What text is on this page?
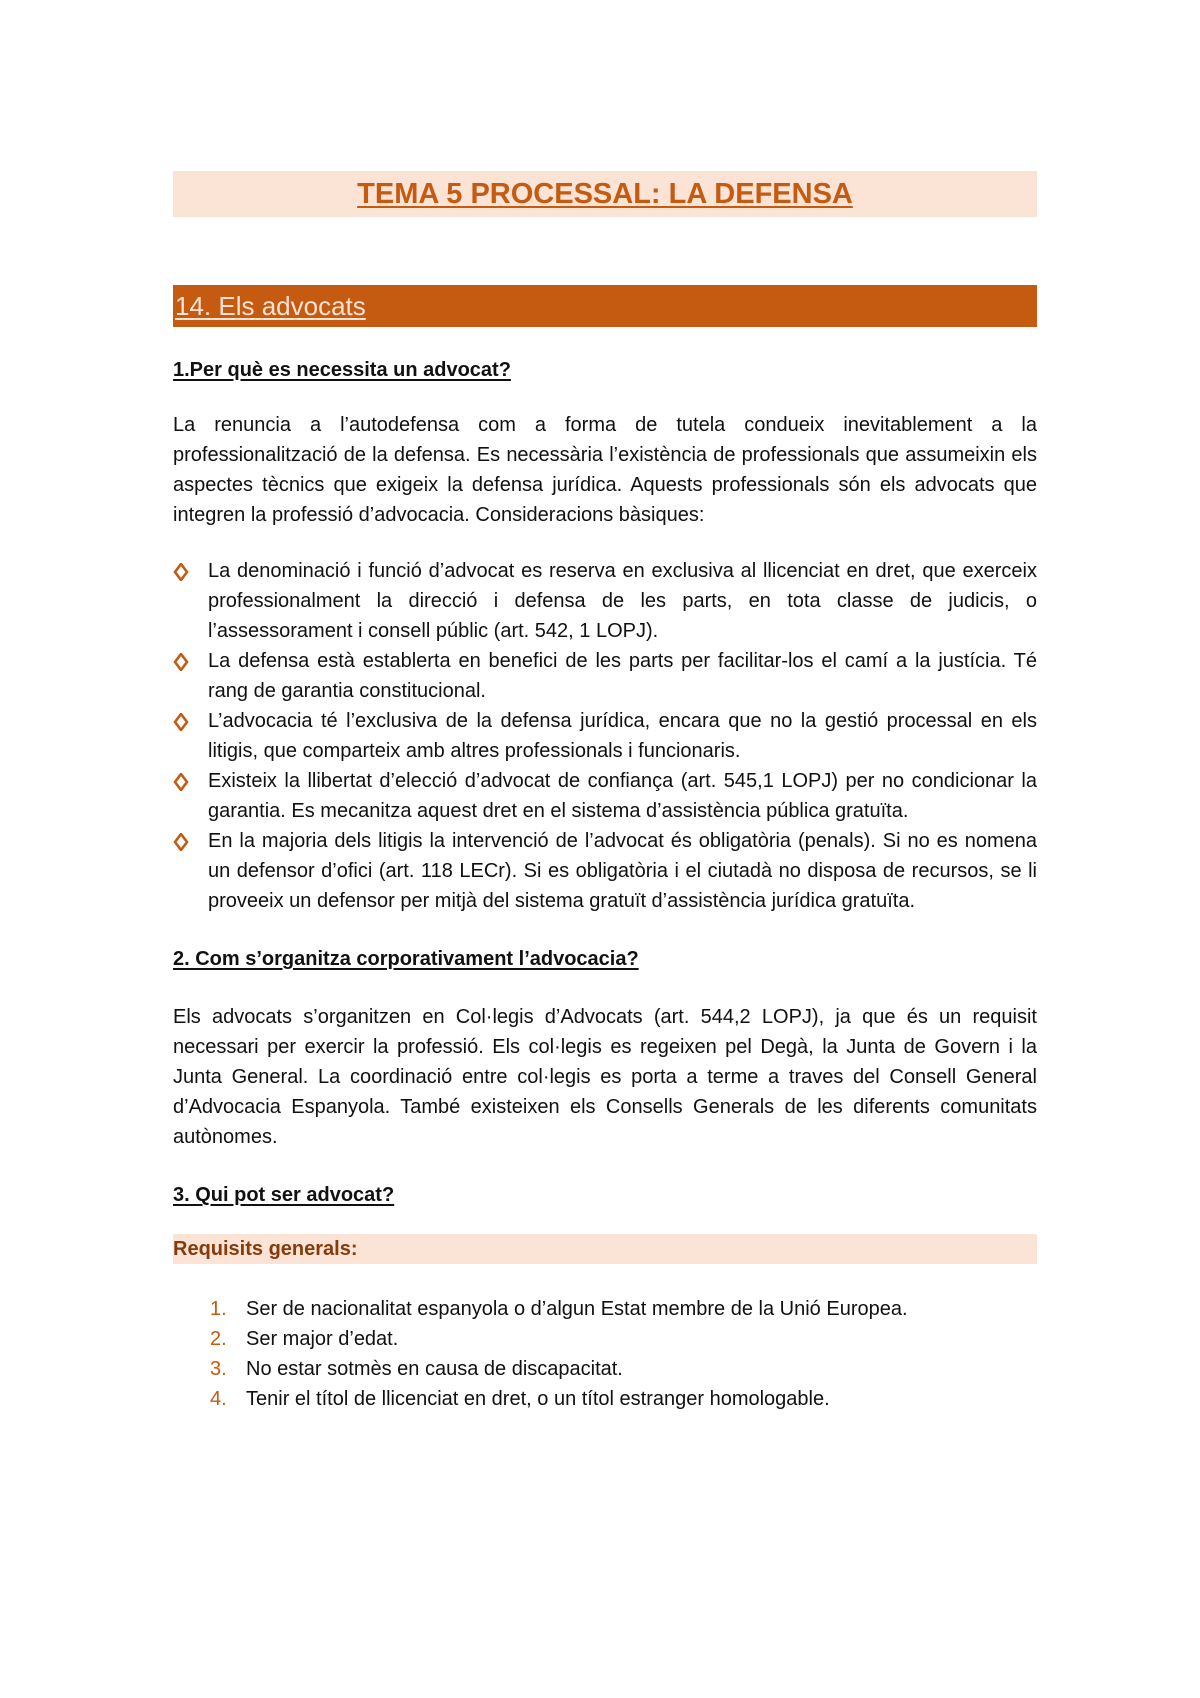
TEMA 5 PROCESSAL: LA DEFENSA
14. Els advocats
1.Per què es necessita un advocat?

La renuncia a l’autodefensa com a forma de tutela condueix inevitablement a la professionalització de la defensa. Es necessària l’existència de professionals que assumeixin els aspectes tècnics que exigeix la defensa jurídica. Aquests professionals són els advocats que integren la professió d’advocacia. Consideracions bàsiques:

La denominació i funció d’advocat es reserva en exclusiva al llicenciat en dret, que exerceix professionalment la direcció i defensa de les parts, en tota classe de judicis, o l’assessorament i consell públic (art. 542, 1 LOPJ).
La defensa està establerta en benefici de les parts per facilitar-los el camí a la justícia. Té rang de garantia constitucional.
L’advocacia té l’exclusiva de la defensa jurídica, encara que no la gestió processal en els litigis, que comparteix amb altres professionals i funcionaris.
Existeix la llibertat d’elecció d’advocat de confiança (art. 545,1 LOPJ) per no condicionar la garantia. Es mecanitza aquest dret en el sistema d’assistència pública gratuïta.
En la majoria dels litigis la intervenció de l’advocat és obligatòria (penals). Si no es nomena un defensor d’ofici (art. 118 LECr). Si es obligatòria i el ciutadà no disposa de recursos, se li proveeix un defensor per mitjà del sistema gratuït d’assistència jurídica gratuïta.
2. Com s’organitza corporativament l’advocacia?

Els advocats s’organitzen en Col·legis d’Advocats (art. 544,2 LOPJ), ja que és un requisit necessari per exercir la professió. Els col·legis es regeixen pel Degà, la Junta de Govern i la Junta General. La coordinació entre col·legis es porta a terme a traves del Consell General d’Advocacia Espanyola. També existeixen els Consells Generals de les diferents comunitats autònomes.

3. Qui pot ser advocat?
Requisits generals:
1. Ser de nacionalitat espanyola o d’algun Estat membre de la Unió Europea.
2. Ser major d’edat.
3. No estar sotmès en causa de discapacitat.
4. Tenir el títol de llicenciat en dret, o un títol estranger homologable.
